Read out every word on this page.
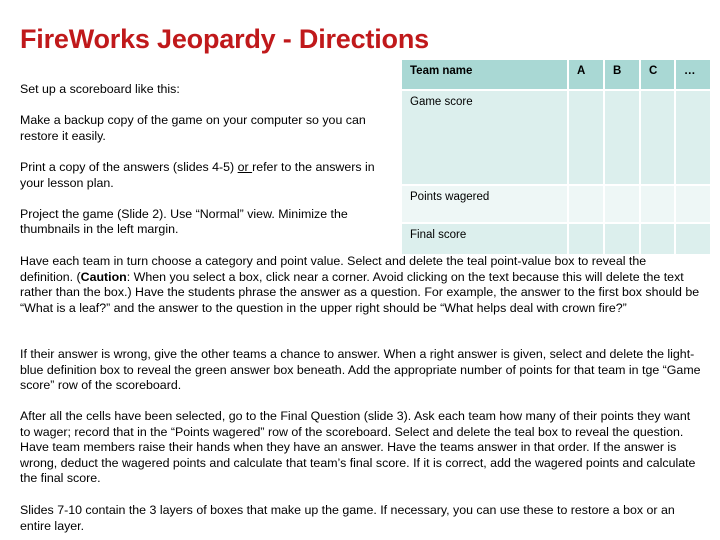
FireWorks Jeopardy - Directions
Set up a scoreboard like this:
Make a backup copy of the game on your computer so you can restore it easily.
Print a copy of the answers (slides 4-5) or refer to the answers in your lesson plan.
Project the game (Slide 2). Use “Normal” view. Minimize the thumbnails in the left margin.
Team name	A	B	C	…
Game score				
Points wagered				
Final score				
Have each team in turn choose a category and point value. Select and delete the teal point-value box to reveal the definition. (Caution: When you select a box, click near a corner. Avoid clicking on the text because this will delete the text rather than the box.) Have the students phrase the answer as a question. For example, the answer to the first box should be “What is a leaf?” and the answer to the question in the upper right should be “What helps deal with crown fire?”
If their answer is wrong, give the other teams a chance to answer. When a right answer is given, select and delete the light-blue definition box to reveal the green answer box beneath. Add the appropriate number of points for that team in tge “Game score” row of the scoreboard.
After all the cells have been selected, go to the Final Question (slide 3). Ask each team how many of their points they want to wager; record that in the “Points wagered” row of the scoreboard. Select and delete the teal box to reveal the question. Have team members raise their hands when they have an answer. Have the teams answer in that order. If the answer is wrong, deduct the wagered points and calculate that team’s final score. If it is correct, add the wagered points and calculate the final score.
Slides 7-10 contain the 3 layers of boxes that make up the game. If necessary, you can use these to restore a box or an entire layer.
